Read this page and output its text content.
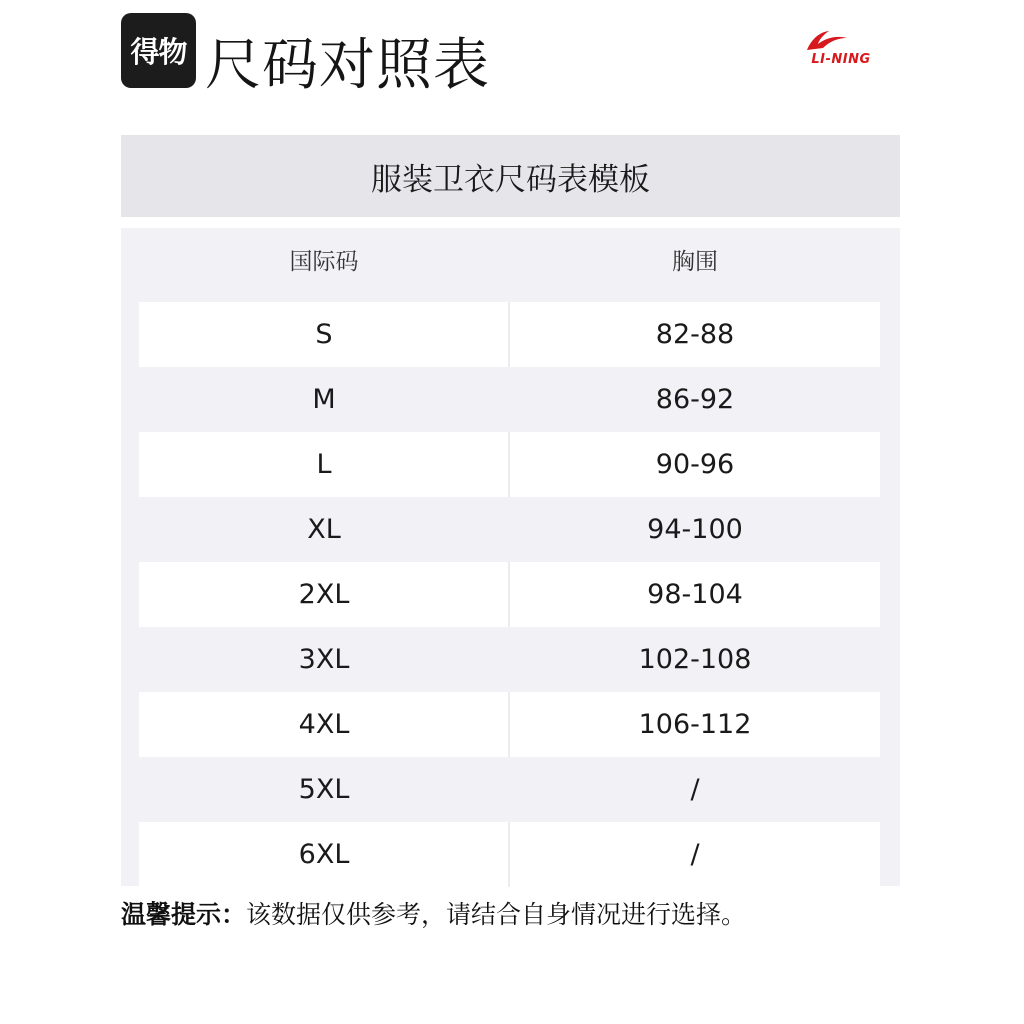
得物 尺码对照表	LI-NING
服装卫衣尺码表模板
国际码	胸围
S	82-88
M	86-92
L	90-96
XL	94-100
2XL	98-104
3XL	102-108
4XL	106-112
5XL	/
6XL	/
温馨提示：该数据仅供参考，请结合自身情况进行选择。
